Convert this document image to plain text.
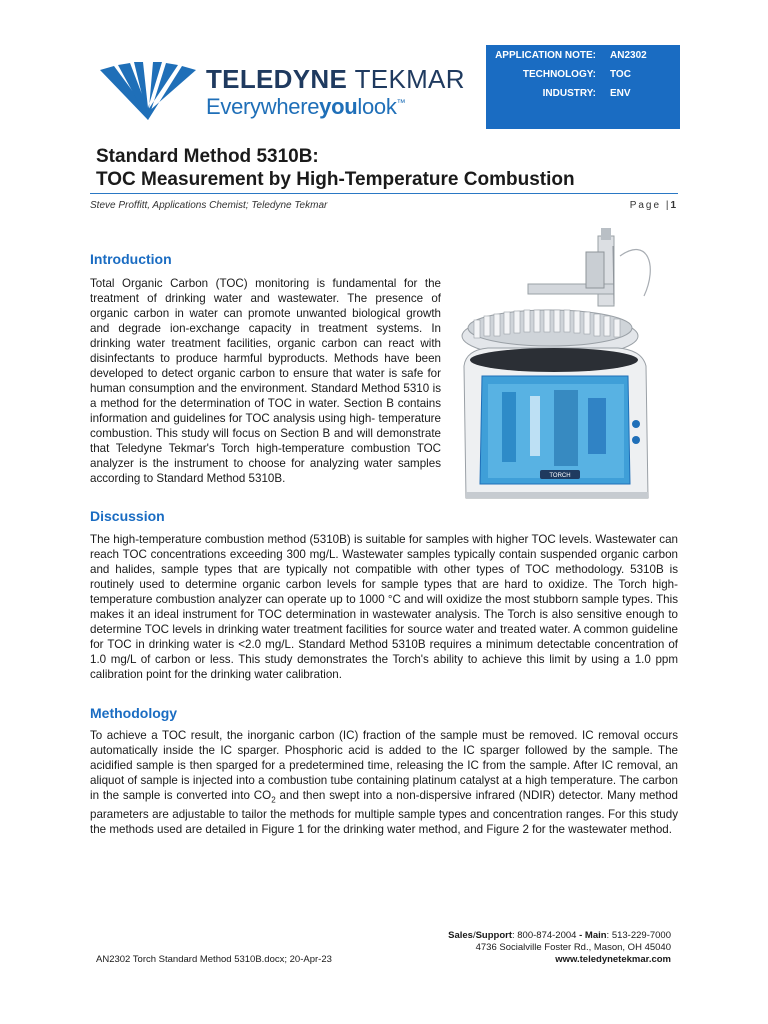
TELEDYNE TEKMAR
Everywhereyoulook™
APPLICATION NOTE: AN2302
TECHNOLOGY: TOC
INDUSTRY: ENV
Standard Method 5310B:
TOC Measurement by High-Temperature Combustion
Steve Proffitt, Applications Chemist; Teledyne Tekmar	Page |1
Introduction

Total Organic Carbon (TOC) monitoring is fundamental for the treatment of drinking water and wastewater. The presence of organic carbon in water can promote unwanted biological growth and degrade ion-exchange capacity in treatment systems. In drinking water treatment facilities, organic carbon can react with disinfectants to produce harmful byproducts. Methods have been developed to detect organic carbon to ensure that water is safe for human consumption and the environment. Standard Method 5310 is a method for the determination of TOC in water. Section B contains information and guidelines for TOC analysis using high- temperature combustion. This study will focus on Section B and will demonstrate that Teledyne Tekmar's Torch high-temperature combustion TOC analyzer is the instrument to choose for analyzing water samples according to Standard Method 5310B.	TORCH
Discussion

The high-temperature combustion method (5310B) is suitable for samples with higher TOC levels. Wastewater can reach TOC concentrations exceeding 300 mg/L. Wastewater samples typically contain suspended organic carbon and halides, sample types that are typically not compatible with other types of TOC methodology. 5310B is routinely used to determine organic carbon levels for sample types that are hard to oxidize. The Torch high-temperature combustion analyzer can operate up to 1000 °C and will oxidize the most stubborn sample types. This makes it an ideal instrument for TOC determination in wastewater analysis. The Torch is also sensitive enough to determine TOC levels in drinking water treatment facilities for source water and treated water. A common guideline for TOC in drinking water is <2.0 mg/L. Standard Method 5310B requires a minimum detectable concentration of 1.0 mg/L of carbon or less. This study demonstrates the Torch's ability to achieve this limit by using a 1.0 ppm calibration point for the drinking water calibration.

Methodology

To achieve a TOC result, the inorganic carbon (IC) fraction of the sample must be removed. IC removal occurs automatically inside the IC sparger. Phosphoric acid is added to the IC sparger followed by the sample. The acidified sample is then sparged for a predetermined time, releasing the IC from the sample. After IC removal, an aliquot of sample is injected into a combustion tube containing platinum catalyst at a high temperature. The carbon in the sample is converted into $CO_2$ and then swept into a non-dispersive infrared (NDIR) detector. Many method parameters are adjustable to tailor the methods for multiple sample types and concentration ranges. For this study the methods used are detailed in Figure 1 for the drinking water method, and Figure 2 for the wastewater method.

Sales/Support: 800-874-2004 - Main: 513-229-7000
4736 Socialville Foster Rd., Mason, OH 45040
www.teledynetekmar.com
AN2302 Torch Standard Method 5310B.docx; 20-Apr-23
